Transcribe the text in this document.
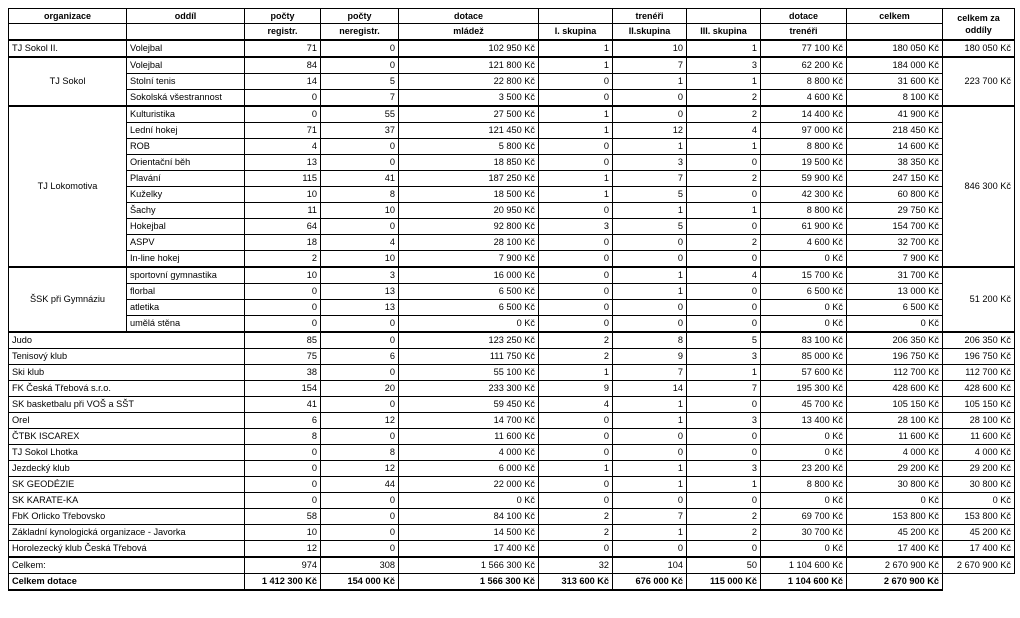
organizace	oddíl	počty	počty	dotace		trenéři		dotace	celkem	celkem za oddíly
		registr.	neregistr.	mládež	I. skupina	II.skupina	III. skupina	trenéři		
TJ Sokol II.	Volejbal	71	0	102 950 Kč	1	10	1	77 100 Kč	180 050 Kč	180 050 Kč
TJ Sokol	Volejbal	84	0	121 800 Kč	1	7	3	62 200 Kč	184 000 Kč	223 700 Kč
	Stolní tenis	14	5	22 800 Kč	0	1	1	8 800 Kč	31 600 Kč	
	Sokolská všestrannost	0	7	3 500 Kč	0	0	2	4 600 Kč	8 100 Kč	
TJ Lokomotiva	Kulturistika	0	55	27 500 Kč	1	0	2	14 400 Kč	41 900 Kč	846 300 Kč
	Lední hokej	71	37	121 450 Kč	1	12	4	97 000 Kč	218 450 Kč	
	ROB	4	0	5 800 Kč	0	1	1	8 800 Kč	14 600 Kč	
	Orientační běh	13	0	18 850 Kč	0	3	0	19 500 Kč	38 350 Kč	
	Plavání	115	41	187 250 Kč	1	7	2	59 900 Kč	247 150 Kč	
	Kuželky	10	8	18 500 Kč	1	5	0	42 300 Kč	60 800 Kč	
	Šachy	11	10	20 950 Kč	0	1	1	8 800 Kč	29 750 Kč	
	Hokejbal	64	0	92 800 Kč	3	5	0	61 900 Kč	154 700 Kč	
	ASPV	18	4	28 100 Kč	0	0	2	4 600 Kč	32 700 Kč	
	In-line hokej	2	10	7 900 Kč	0	0	0	0 Kč	7 900 Kč	
ŠSK při Gymnáziu	sportovní gymnastika	10	3	16 000 Kč	0	1	4	15 700 Kč	31 700 Kč	51 200 Kč
	florbal	0	13	6 500 Kč	0	1	0	6 500 Kč	13 000 Kč	
	atletika	0	13	6 500 Kč	0	0	0	0 Kč	6 500 Kč	
	umělá stěna	0	0	0 Kč	0	0	0	0 Kč	0 Kč	
Judo		85	0	123 250 Kč	2	8	5	83 100 Kč	206 350 Kč	206 350 Kč
Tenisový klub		75	6	111 750 Kč	2	9	3	85 000 Kč	196 750 Kč	196 750 Kč
Ski klub		38	0	55 100 Kč	1	7	1	57 600 Kč	112 700 Kč	112 700 Kč
FK Česká Třebová s.r.o.		154	20	233 300 Kč	9	14	7	195 300 Kč	428 600 Kč	428 600 Kč
SK basketbalu při VOŠ a SŠT		41	0	59 450 Kč	4	1	0	45 700 Kč	105 150 Kč	105 150 Kč
Orel		6	12	14 700 Kč	0	1	3	13 400 Kč	28 100 Kč	28 100 Kč
ČTBK ISCAREX		8	0	11 600 Kč	0	0	0	0 Kč	11 600 Kč	11 600 Kč
TJ Sokol Lhotka		0	8	4 000 Kč	0	0	0	0 Kč	4 000 Kč	4 000 Kč
Jezdecký klub		0	12	6 000 Kč	1	1	3	23 200 Kč	29 200 Kč	29 200 Kč
SK GEODÉZIE		0	44	22 000 Kč	0	1	1	8 800 Kč	30 800 Kč	30 800 Kč
SK KARATE-KA		0	0	0 Kč	0	0	0	0 Kč	0 Kč	0 Kč
FbK Orlicko Třebovsko		58	0	84 100 Kč	2	7	2	69 700 Kč	153 800 Kč	153 800 Kč
Základní kynologická organizace - Javorka		10	0	14 500 Kč	2	1	2	30 700 Kč	45 200 Kč	45 200 Kč
Horolezecký klub Česká Třebová		12	0	17 400 Kč	0	0	0	0 Kč	17 400 Kč	17 400 Kč
Celkem:		974	308	1 566 300 Kč	32	104	50	1 104 600 Kč	2 670 900 Kč	2 670 900 Kč
Celkem dotace		1 412 300 Kč	154 000 Kč	1 566 300 Kč	313 600 Kč	676 000 Kč	115 000 Kč	1 104 600 Kč	2 670 900 Kč	
